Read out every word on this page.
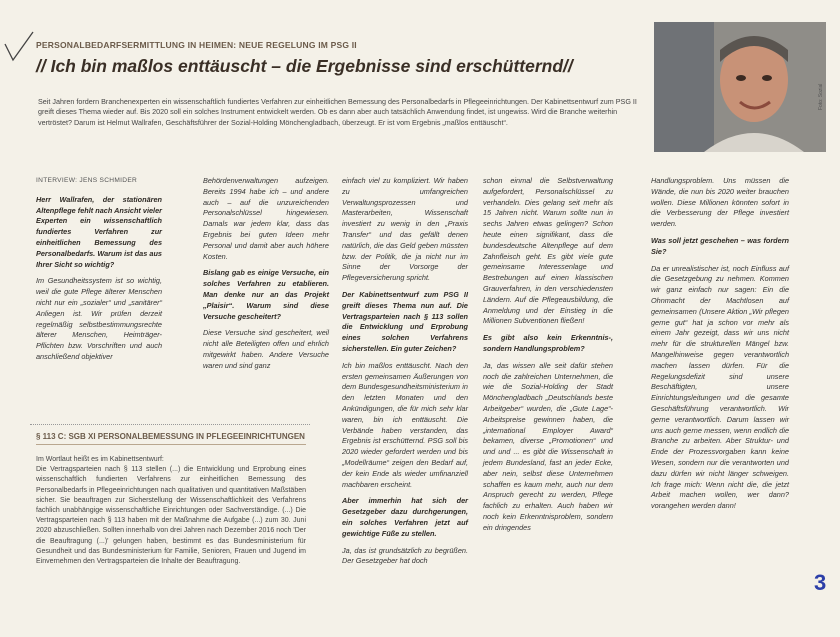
PERSONALBEDARFSERMITTLUNG IN HEIMEN: NEUE REGELUNG IM PSG II
// Ich bin maßlos enttäuscht – die Ergebnisse sind erschütternd//
Seit Jahren fordern Branchenexperten ein wissenschaftlich fundiertes Verfahren zur einheitlichen Bemessung des Personalbedarfs in Pflegeeinrichtungen. Der Kabinettsentwurf zum PSG II greift dieses Thema wieder auf. Bis 2020 soll ein solches Instrument entwickelt werden. Ob es dann aber auch tatsächlich Anwendung findet, ist ungewiss. Wird die Branche weiterhin vertröstet? Darum ist Helmut Wallrafen, Geschäftsführer der Sozial-Holding Mönchengladbach, überzeugt. Er ist vom Ergebnis „maßlos enttäuscht“.
Foto: Sozial

INTERVIEW: JENS SCHMIDER

Herr Wallrafen, der stationären Altenpflege fehlt nach Ansicht vieler Experten ein wissenschaftlich fundiertes Verfahren zur einheitlichen Bemessung des Personalbedarfs. Warum ist das aus Ihrer Sicht so wichtig?

Im Gesundheitssystem ist so wichtig, weil die gute Pflege älterer Menschen nicht nur ein „sozialer“ und „sanitärer“ Anliegen ist. Wir prüfen derzeit regelmäßig selbstbestimmungsrechte älterer Menschen, Heimträger-Pflichten bzw. Vorschriften und auch anschließend objektiver

Behördenverwaltungen aufzeigen. Bereits 1994 habe ich – und andere auch – auf die unzureichenden Personalschlüssel hingewiesen. Damals war jedem klar, dass das Ergebnis bei guten Ideen mehr Personal und damit aber auch höhere Kosten.

Bislang gab es einige Versuche, ein solches Verfahren zu etablieren. Man denke nur an das Projekt „Plaisir“. Warum sind diese Versuche gescheitert?

Diese Versuche sind gescheitert, weil nicht alle Beteiligten offen und ehrlich mitgewirkt haben. Andere Versuche waren und sind ganz

einfach viel zu kompliziert. Wir haben zu umfangreichen Verwaltungsprozessen und Masterarbeiten, Wissenschaft investiert zu wenig in den „Praxis Transfer“ und das gefällt denen natürlich, die das Geld geben müssten bzw. der Politik, die ja nicht nur im Sinne der Vorsorge der Pflegeversicherung spricht.

Der Kabinettsentwurf zum PSG II greift dieses Thema nun auf. Die Vertragsparteien nach § 113 sollen die Entwicklung und Erprobung eines solchen Verfahrens sicherstellen. Ein guter Zeichen?

Ich bin maßlos enttäuscht. Nach den ersten gemeinsamen Äußerungen von dem Bundesgesundheitsministerium in den letzten Monaten und den Ankündigungen, die für mich sehr klar waren, bin ich enttäuscht. Die Verbände haben verstanden, das Ergebnis ist erschütternd. PSG soll bis 2020 wieder gefordert werden und bis „Modellräume“ zeigen den Bedarf auf, der kein Ende als wieder umfinanziell machbaren erscheint.

Aber immerhin hat sich der Gesetzgeber dazu durchgerungen, ein solches Verfahren jetzt auf gewichtige Füße zu stellen.

Ja, das ist grundsätzlich zu begrüßen. Der Gesetzgeber hat doch

schon einmal die Selbstverwaltung aufgefordert, Personalschlüssel zu verhandeln. Dies gelang seit mehr als 15 Jahren nicht. Warum sollte nun in sechs Jahren etwas gelingen? Schon heute einen signifikant, dass die bundesdeutsche Altenpflege auf dem Zahnfleisch geht. Es gibt viele gute gemeinsame Interessenlage und Bestrebungen auf einen klassischen Grauverfahren, in den verschiedensten Ländern. Auf die Pflegeausbildung, die Anmeldung und der Einstieg in die Millionen Subventionen fließen!

Es gibt also kein Erkenntnis-, sondern Handlungsproblem?

Ja, das wissen alle seit dafür stehen noch die zahlreichen Unternehmen, die wie die Sozial-Holding der Stadt Mönchengladbach „Deutschlands beste Arbeitgeber“ wurden, die „Gute Lage“-Arbeitspreise gewinnen haben, die „international Employer Award“ bekamen, diverse „Promotionen“ und und und ... es gibt die Wissenschaft in jedem Bundesland, fast an jeder Ecke, aber nein, selbst diese Unternehmen schaffen es kaum mehr, auch nur dem Anspruch gerecht zu werden, Pflege fachlich zu erhalten. Auch haben wir noch kein Erkenntnisproblem, sondern ein dringendes

Handlungsproblem. Uns müssen die Wände, die nun bis 2020 weiter brauchen wollen. Diese Millionen könnten sofort in die Verbesserung der Pflege investiert werden.

Was soll jetzt geschehen – was fordern Sie?

Da er unrealistischer ist, noch Einfluss auf die Gesetzgebung zu nehmen. Kommen wir ganz einfach nur sagen: Ein die Ohnmacht der Machtlosen auf gemeinsamen (Unsere Aktion „Wir pflegen gerne gut“ hat ja schon vor mehr als einem Jahr gezeigt, dass wir uns nicht mehr für die strukturellen Mängel bzw. Mangelhinweise gegen verantwortlich machen lassen dürfen. Für die Regelungsdefizit sind unsere Beschäftigten, unsere Einrichtungsleitungen und die gesamte Geschäftsführung verantwortlich. Wir gerne verantwortlich. Darum lassen wir uns auch gerne messen, wenn endlich die Branche zu arbeiten. Aber Struktur- und Ende der Prozessvorgaben kann keine Wesen, sondern nur die verantworten und dazu dürfen wir nicht länger schweigen. Ich frage mich: Wenn nicht die, die jetzt Arbeit machen wollen, wer dann? vorangehen werden dann!

§ 113 C: SGB XI PERSONALBEMESSUNG IN PFLEGEEINRICHTUNGEN
Im Wortlaut heißt es im Kabinettsentwurf:
Die Vertragsparteien nach § 113 stellen (...) die Entwicklung und Erprobung eines wissenschaftlich fundierten Verfahrens zur einheitlichen Bemessung des Personalbedarfs in Pflegeeinrichtungen nach qualitativen und quantitativen Maßstäben sicher. Sie beauftragen zur Sicherstellung der Wissenschaftlichkeit des Verfahrens fachlich unabhängige wissenschaftliche Einrichtungen oder Sachverständige. (...) Die Vertragsparteien nach § 113 haben mit der Maßnahme die Aufgabe (...) zum 30. Juni 2020 abzuschließen. Sollten innerhalb von drei Jahren nach Dezember 2016 noch 'Der die Beauftragung (...)' gelungen haben, bestimmt es das Bundesministerium für Gesundheit und das Bundesministerium für Familie, Senioren, Frauen und Jugend im Einvernehmen den Vertragsparteien die Inhalte der Beauftragung.
3
